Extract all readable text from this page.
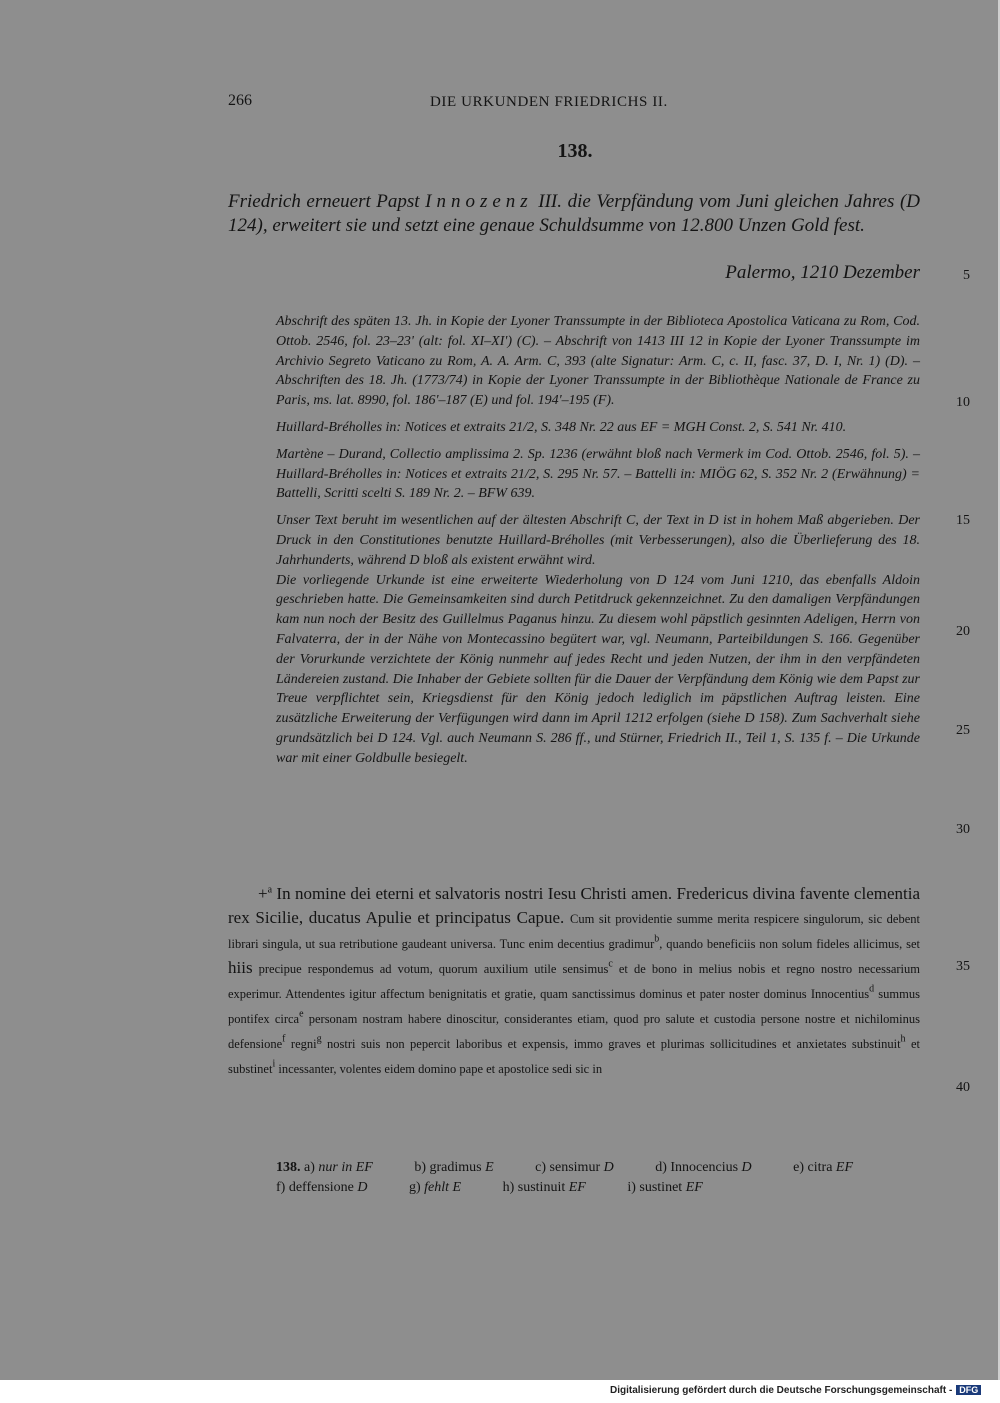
266	DIE URKUNDEN FRIEDRICHS II.
138.
Friedrich erneuert Papst Innozenz III. die Verpfändung vom Juni gleichen Jahres (D 124), erweitert sie und setzt eine genaue Schuldsumme von 12.800 Unzen Gold fest.
Palermo, 1210 Dezember

Abschrift des späten 13. Jh. in Kopie der Lyoner Transsumpte in der Biblioteca Apostolica Vaticana zu Rom, Cod. Ottob. 2546, fol. 23–23' (alt: fol. XI–XI') (C). – Abschrift von 1413 III 12 in Kopie der Lyoner Transsumpte im Archivio Segreto Vaticano zu Rom, A. A. Arm. C, 393 (alte Signatur: Arm. C, c. II, fasc. 37, D. I, Nr. 1) (D). – Abschriften des 18. Jh. (1773/74) in Kopie der Lyoner Transsumpte in der Bibliothèque Nationale de France zu Paris, ms. lat. 8990, fol. 186'–187 (E) und fol. 194'–195 (F).

Huillard-Bréholles in: Notices et extraits 21/2, S. 348 Nr. 22 aus EF = MGH Const. 2, S. 541 Nr. 410.

Martène – Durand, Collectio amplissima 2. Sp. 1236 (erwähnt bloß nach Vermerk im Cod. Ottob. 2546, fol. 5). – Huillard-Bréholles in: Notices et extraits 21/2, S. 295 Nr. 57. – Battelli in: MIÖG 62, S. 352 Nr. 2 (Erwähnung) = Battelli, Scritti scelti S. 189 Nr. 2. – BFW 639.

Unser Text beruht im wesentlichen auf der ältesten Abschrift C, der Text in D ist in hohem Maß abgerieben. Der Druck in den Constitutiones benutzte Huillard-Bréholles (mit Verbesserungen), also die Überlieferung des 18. Jahrhunderts, während D bloß als existent erwähnt wird.

Die vorliegende Urkunde ist eine erweiterte Wiederholung von D 124 vom Juni 1210, das ebenfalls Aldoin geschrieben hatte. Die Gemeinsamkeiten sind durch Petitdruck gekennzeichnet. Zu den damaligen Verpfändungen kam nun noch der Besitz des Guillelmus Paganus hinzu. Zu diesem wohl päpstlich gesinnten Adeligen, Herrn von Falvaterra, der in der Nähe von Montecassino begütert war, vgl. Neumann, Parteibildungen S. 166. Gegenüber der Vorurkunde verzichtete der König nunmehr auf jedes Recht und jeden Nutzen, der ihm in den verpfändeten Ländereien zustand. Die Inhaber der Gebiete sollten für die Dauer der Verpfändung dem König wie dem Papst zur Treue verpflichtet sein, Kriegsdienst für den König jedoch lediglich im päpstlichen Auftrag leisten. Eine zusätzliche Erweiterung der Verfügungen wird dann im April 1212 erfolgen (siehe D 158). Zum Sachverhalt siehe grundsätzlich bei D 124. Vgl. auch Neumann S. 286 ff., und Stürner, Friedrich II., Teil 1, S. 135 f. – Die Urkunde war mit einer Goldbulle besiegelt.

5
10
15
20
25
30
35
40
+$^a$ In nomine dei eterni et salvatoris nostri Iesu Christi amen. Fredericus divina favente clementia rex Sicilie, ducatus Apulie et principatus Capue. Cum sit providentie summe merita respicere singulorum, sic debent librari singula, ut sua retributione gaudeant universa. Tunc enim decentius gradimur$^b$, quando beneficiis non solum fideles allicimus, set hiis precipue respondemus ad votum, quorum auxilium utile sensimus$^c$ et de bono in melius nobis et regno nostro necessarium experimur. Attendentes igitur affectum benignitatis et gratie, quam sanctissimus dominus et pater noster dominus Innocentius$^d$ summus pontifex circa$^e$ personam nostram habere dinoscitur, considerantes etiam, quod pro salute et custodia persone nostre et nichilominus defensione$^f$ regni$^g$ nostri suis non pepercit laboribus et expensis, immo graves et plurimas sollicitudines et anxietates substinuit$^h$ et substinet$^i$ incessanter, volentes eidem domino pape et apostolice sedi sic in
138. a) nur in EF	b) gradimus E	c) sensimur D	d) Innocencius D	e) citra EF f) deffensione D	g) fehlt E	h) sustinuit EF	i) sustinet EF
Digitalisierung gefördert durch die Deutsche Forschungsgemeinschaft - DFG
